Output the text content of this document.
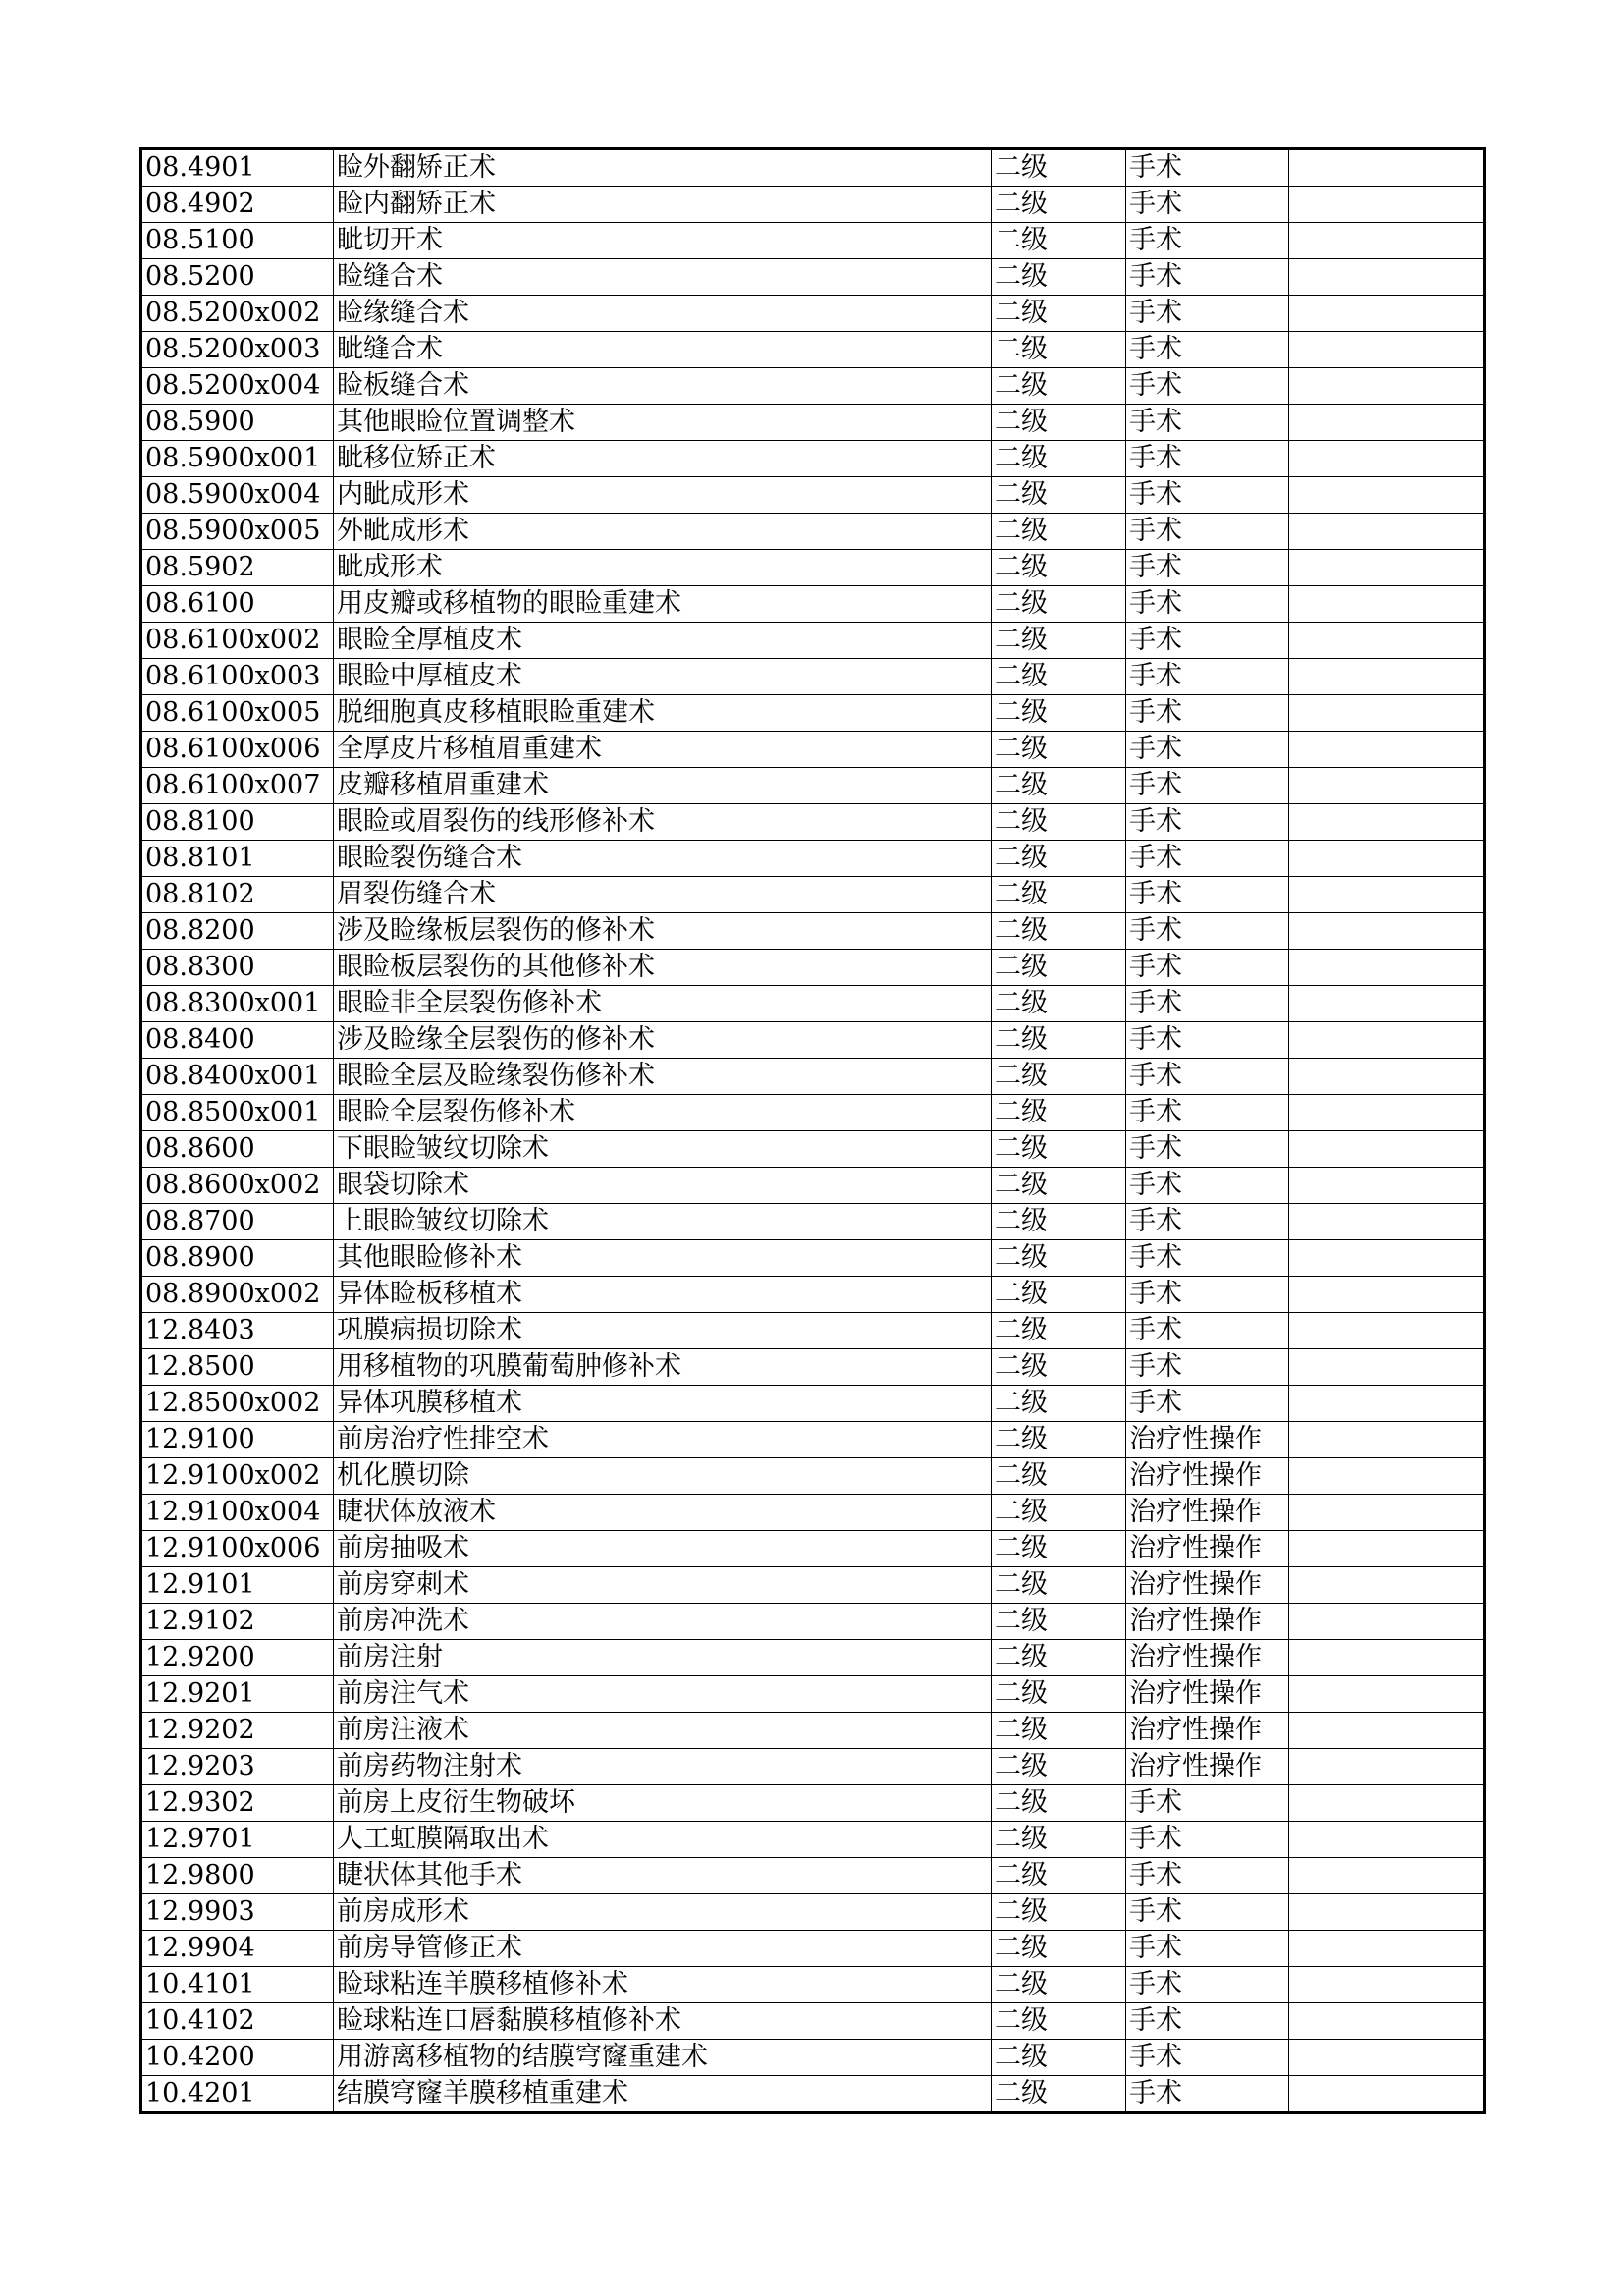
08.4901	睑外翻矫正术	二级	手术	
08.4902	睑内翻矫正术	二级	手术	
08.5100	眦切开术	二级	手术	
08.5200	睑缝合术	二级	手术	
08.5200x002	睑缘缝合术	二级	手术	
08.5200x003	眦缝合术	二级	手术	
08.5200x004	睑板缝合术	二级	手术	
08.5900	其他眼睑位置调整术	二级	手术	
08.5900x001	眦移位矫正术	二级	手术	
08.5900x004	内眦成形术	二级	手术	
08.5900x005	外眦成形术	二级	手术	
08.5902	眦成形术	二级	手术	
08.6100	用皮瓣或移植物的眼睑重建术	二级	手术	
08.6100x002	眼睑全厚植皮术	二级	手术	
08.6100x003	眼睑中厚植皮术	二级	手术	
08.6100x005	脱细胞真皮移植眼睑重建术	二级	手术	
08.6100x006	全厚皮片移植眉重建术	二级	手术	
08.6100x007	皮瓣移植眉重建术	二级	手术	
08.8100	眼睑或眉裂伤的线形修补术	二级	手术	
08.8101	眼睑裂伤缝合术	二级	手术	
08.8102	眉裂伤缝合术	二级	手术	
08.8200	涉及睑缘板层裂伤的修补术	二级	手术	
08.8300	眼睑板层裂伤的其他修补术	二级	手术	
08.8300x001	眼睑非全层裂伤修补术	二级	手术	
08.8400	涉及睑缘全层裂伤的修补术	二级	手术	
08.8400x001	眼睑全层及睑缘裂伤修补术	二级	手术	
08.8500x001	眼睑全层裂伤修补术	二级	手术	
08.8600	下眼睑皱纹切除术	二级	手术	
08.8600x002	眼袋切除术	二级	手术	
08.8700	上眼睑皱纹切除术	二级	手术	
08.8900	其他眼睑修补术	二级	手术	
08.8900x002	异体睑板移植术	二级	手术	
12.8403	巩膜病损切除术	二级	手术	
12.8500	用移植物的巩膜葡萄肿修补术	二级	手术	
12.8500x002	异体巩膜移植术	二级	手术	
12.9100	前房治疗性排空术	二级	治疗性操作	
12.9100x002	机化膜切除	二级	治疗性操作	
12.9100x004	睫状体放液术	二级	治疗性操作	
12.9100x006	前房抽吸术	二级	治疗性操作	
12.9101	前房穿刺术	二级	治疗性操作	
12.9102	前房冲洗术	二级	治疗性操作	
12.9200	前房注射	二级	治疗性操作	
12.9201	前房注气术	二级	治疗性操作	
12.9202	前房注液术	二级	治疗性操作	
12.9203	前房药物注射术	二级	治疗性操作	
12.9302	前房上皮衍生物破坏	二级	手术	
12.9701	人工虹膜隔取出术	二级	手术	
12.9800	睫状体其他手术	二级	手术	
12.9903	前房成形术	二级	手术	
12.9904	前房导管修正术	二级	手术	
10.4101	睑球粘连羊膜移植修补术	二级	手术	
10.4102	睑球粘连口唇黏膜移植修补术	二级	手术	
10.4200	用游离移植物的结膜穹窿重建术	二级	手术	
10.4201	结膜穹窿羊膜移植重建术	二级	手术	
